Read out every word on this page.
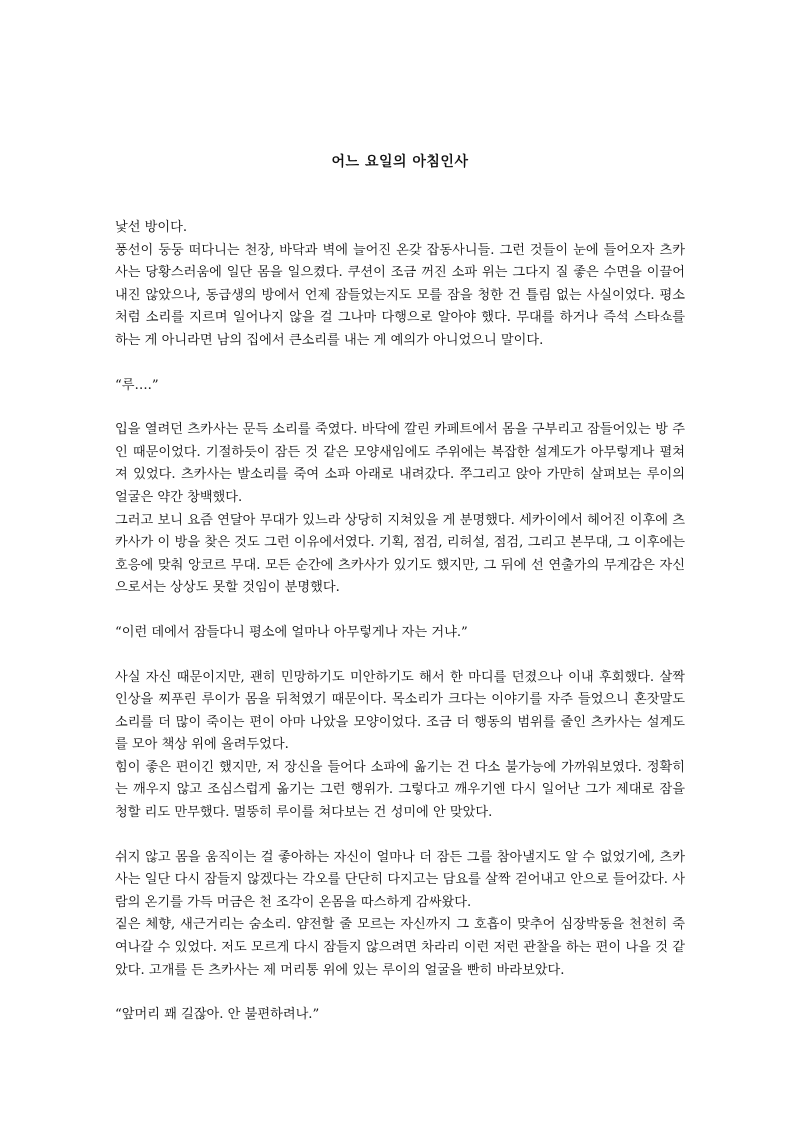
어느 요일의 아침인사

낯선 방이다.

풍선이 둥둥 떠다니는 천장, 바닥과 벽에 늘어진 온갖 잡동사니들. 그런 것들이 눈에 들어오자 츠카사는 당황스러움에 일단 몸을 일으켰다. 쿠션이 조금 꺼진 소파 위는 그다지 질 좋은 수면을 이끌어내진 않았으나, 동급생의 방에서 언제 잠들었는지도 모를 잠을 청한 건 틀림 없는 사실이었다. 평소처럼 소리를 지르며 일어나지 않을 걸 그나마 다행으로 알아야 했다. 무대를 하거나 즉석 스타쇼를 하는 게 아니라면 남의 집에서 큰소리를 내는 게 예의가 아니었으니 말이다.

“루….”

입을 열려던 츠카사는 문득 소리를 죽였다. 바닥에 깔린 카페트에서 몸을 구부리고 잠들어있는 방 주인 때문이었다. 기절하듯이 잠든 것 같은 모양새임에도 주위에는 복잡한 설계도가 아무렇게나 펼쳐져 있었다. 츠카사는 발소리를 죽여 소파 아래로 내려갔다. 쭈그리고 앉아 가만히 살펴보는 루이의 얼굴은 약간 창백했다.

그러고 보니 요즘 연달아 무대가 있느라 상당히 지쳐있을 게 분명했다. 세카이에서 헤어진 이후에 츠카사가 이 방을 찾은 것도 그런 이유에서였다. 기획, 점검, 리허설, 점검, 그리고 본무대, 그 이후에는 호응에 맞춰 앙코르 무대. 모든 순간에 츠카사가 있기도 했지만, 그 뒤에 선 연출가의 무게감은 자신으로서는 상상도 못할 것임이 분명했다.

“이런 데에서 잠들다니 평소에 얼마나 아무렇게나 자는 거냐.”

사실 자신 때문이지만, 괜히 민망하기도 미안하기도 해서 한 마디를 던졌으나 이내 후회했다. 살짝 인상을 찌푸린 루이가 몸을 뒤척였기 때문이다. 목소리가 크다는 이야기를 자주 들었으니 혼잣말도 소리를 더 많이 죽이는 편이 아마 나았을 모양이었다. 조금 더 행동의 범위를 줄인 츠카사는 설계도를 모아 책상 위에 올려두었다.

힘이 좋은 편이긴 했지만, 저 장신을 들어다 소파에 옮기는 건 다소 불가능에 가까워보였다. 정확히는 깨우지 않고 조심스럽게 옮기는 그런 행위가. 그렇다고 깨우기엔 다시 일어난 그가 제대로 잠을 청할 리도 만무했다. 멀뚱히 루이를 쳐다보는 건 성미에 안 맞았다.

쉬지 않고 몸을 움직이는 걸 좋아하는 자신이 얼마나 더 잠든 그를 참아낼지도 알 수 없었기에, 츠카사는 일단 다시 잠들지 않겠다는 각오를 단단히 다지고는 담요를 살짝 걷어내고 안으로 들어갔다. 사람의 온기를 가득 머금은 천 조각이 온몸을 따스하게 감싸왔다.

짙은 체향, 새근거리는 숨소리. 얌전할 줄 모르는 자신까지 그 호흡이 맞추어 심장박동을 천천히 죽여나갈 수 있었다. 저도 모르게 다시 잠들지 않으려면 차라리 이런 저런 관찰을 하는 편이 나을 것 같았다. 고개를 든 츠카사는 제 머리통 위에 있는 루이의 얼굴을 빤히 바라보았다.

“앞머리 꽤 길잖아. 안 불편하려나.”
